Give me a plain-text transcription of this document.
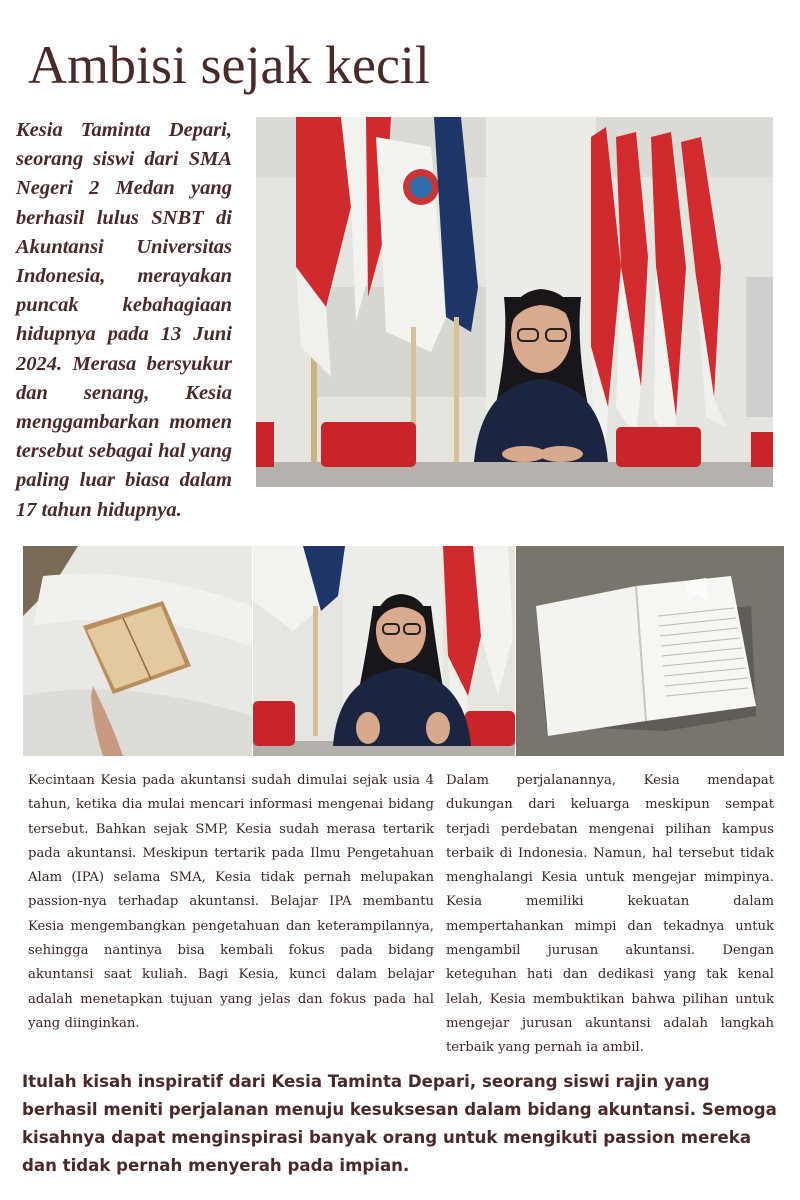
Ambisi sejak kecil

Kesia Taminta Depari, seorang siswi dari SMA Negeri 2 Medan yang berhasil lulus SNBT di Akuntansi Universitas Indonesia, merayakan puncak kebahagiaan hidupnya pada 13 Juni 2024. Merasa bersyukur dan senang, Kesia menggambarkan momen tersebut sebagai hal yang paling luar biasa dalam 17 tahun hidupnya.

Kecintaan Kesia pada akuntansi sudah dimulai sejak usia 4 tahun, ketika dia mulai mencari informasi mengenai bidang tersebut. Bahkan sejak SMP, Kesia sudah merasa tertarik pada akuntansi. Meskipun tertarik pada Ilmu Pengetahuan Alam (IPA) selama SMA, Kesia tidak pernah melupakan passion-nya terhadap akuntansi. Belajar IPA membantu Kesia mengembangkan pengetahuan dan keterampilannya, sehingga nantinya bisa kembali fokus pada bidang akuntansi saat kuliah. Bagi Kesia, kunci dalam belajar adalah menetapkan tujuan yang jelas dan fokus pada hal yang diinginkan.

Dalam perjalanannya, Kesia mendapat dukungan dari keluarga meskipun sempat terjadi perdebatan mengenai pilihan kampus terbaik di Indonesia. Namun, hal tersebut tidak menghalangi Kesia untuk mengejar mimpinya. Kesia memiliki kekuatan dalam mempertahankan mimpi dan tekadnya untuk mengambil jurusan akuntansi. Dengan keteguhan hati dan dedikasi yang tak kenal lelah, Kesia membuktikan bahwa pilihan untuk mengejar jurusan akuntansi adalah langkah terbaik yang pernah ia ambil.

Itulah kisah inspiratif dari Kesia Taminta Depari, seorang siswi rajin yang berhasil meniti perjalanan menuju kesuksesan dalam bidang akuntansi. Semoga kisahnya dapat menginspirasi banyak orang untuk mengikuti passion mereka dan tidak pernah menyerah pada impian.
